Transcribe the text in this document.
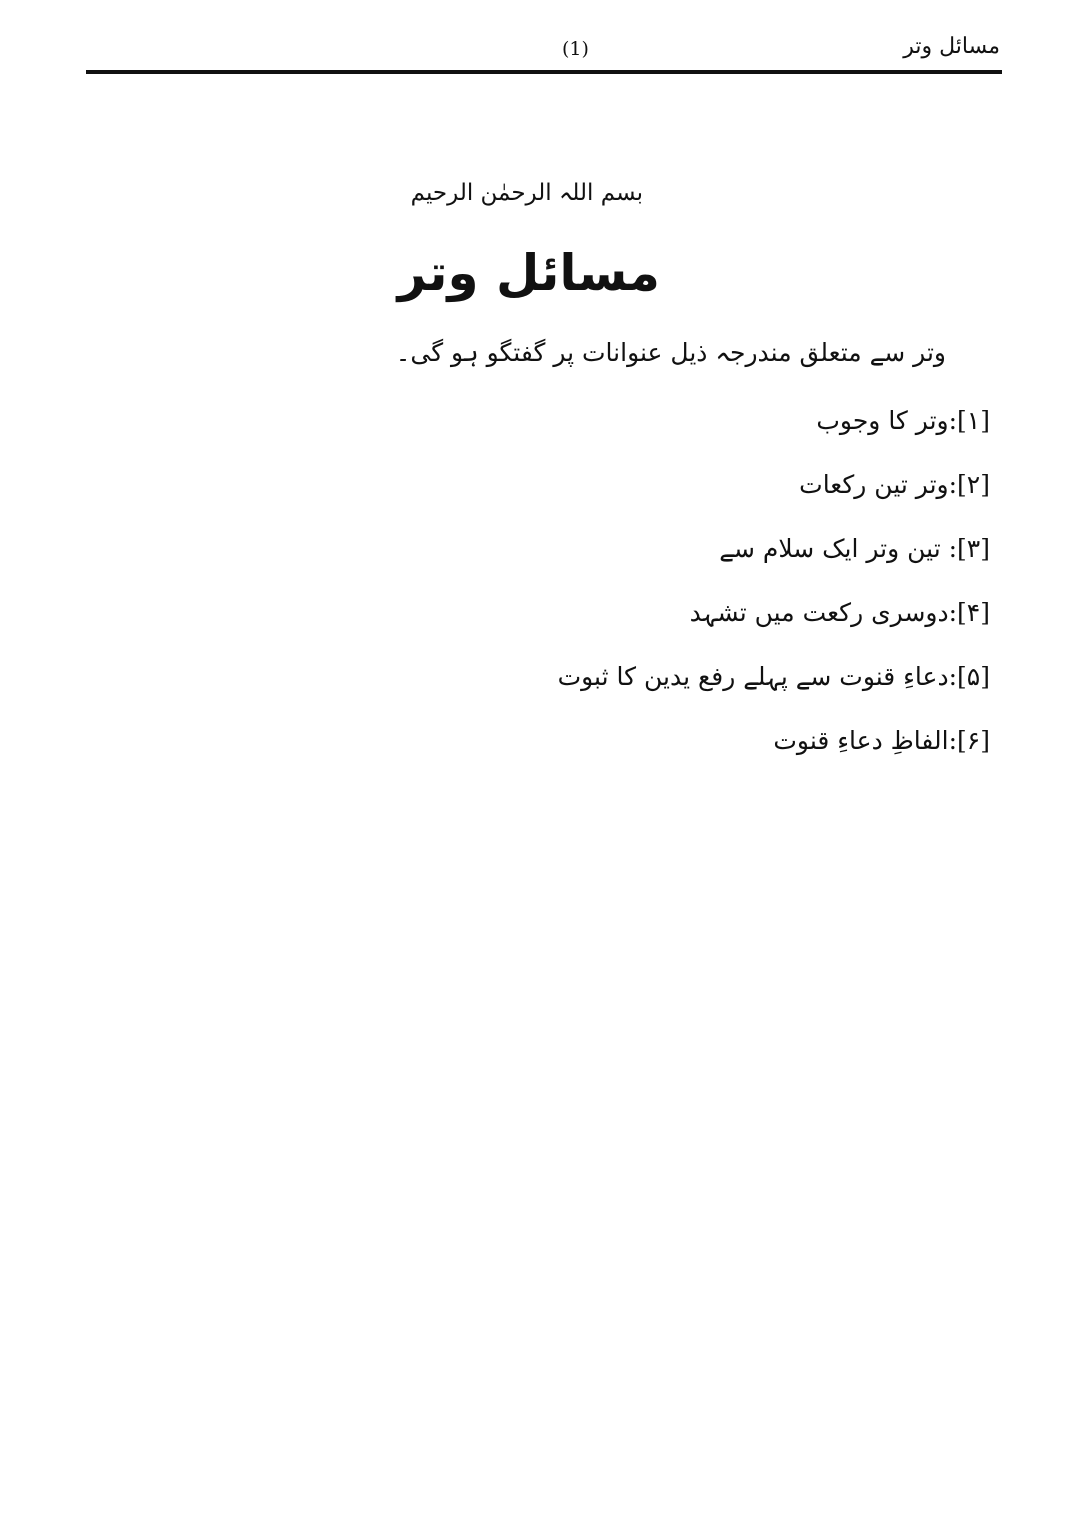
مسائل وتر
(1)
بسم اللہ الرحمٰن الرحیم
مسائل وتر
وتر سے متعلق مندرجہ ذیل عنوانات پر گفتگو ہو گی۔
[۱]:وتر کا وجوب
[۲]:وتر تین رکعات
[۳]: تین وتر ایک سلام سے
[۴]:دوسری رکعت میں تشہد
[۵]:دعاءِ قنوت سے پہلے رفع یدین کا ثبوت
[۶]:الفاظِ دعاءِ قنوت
